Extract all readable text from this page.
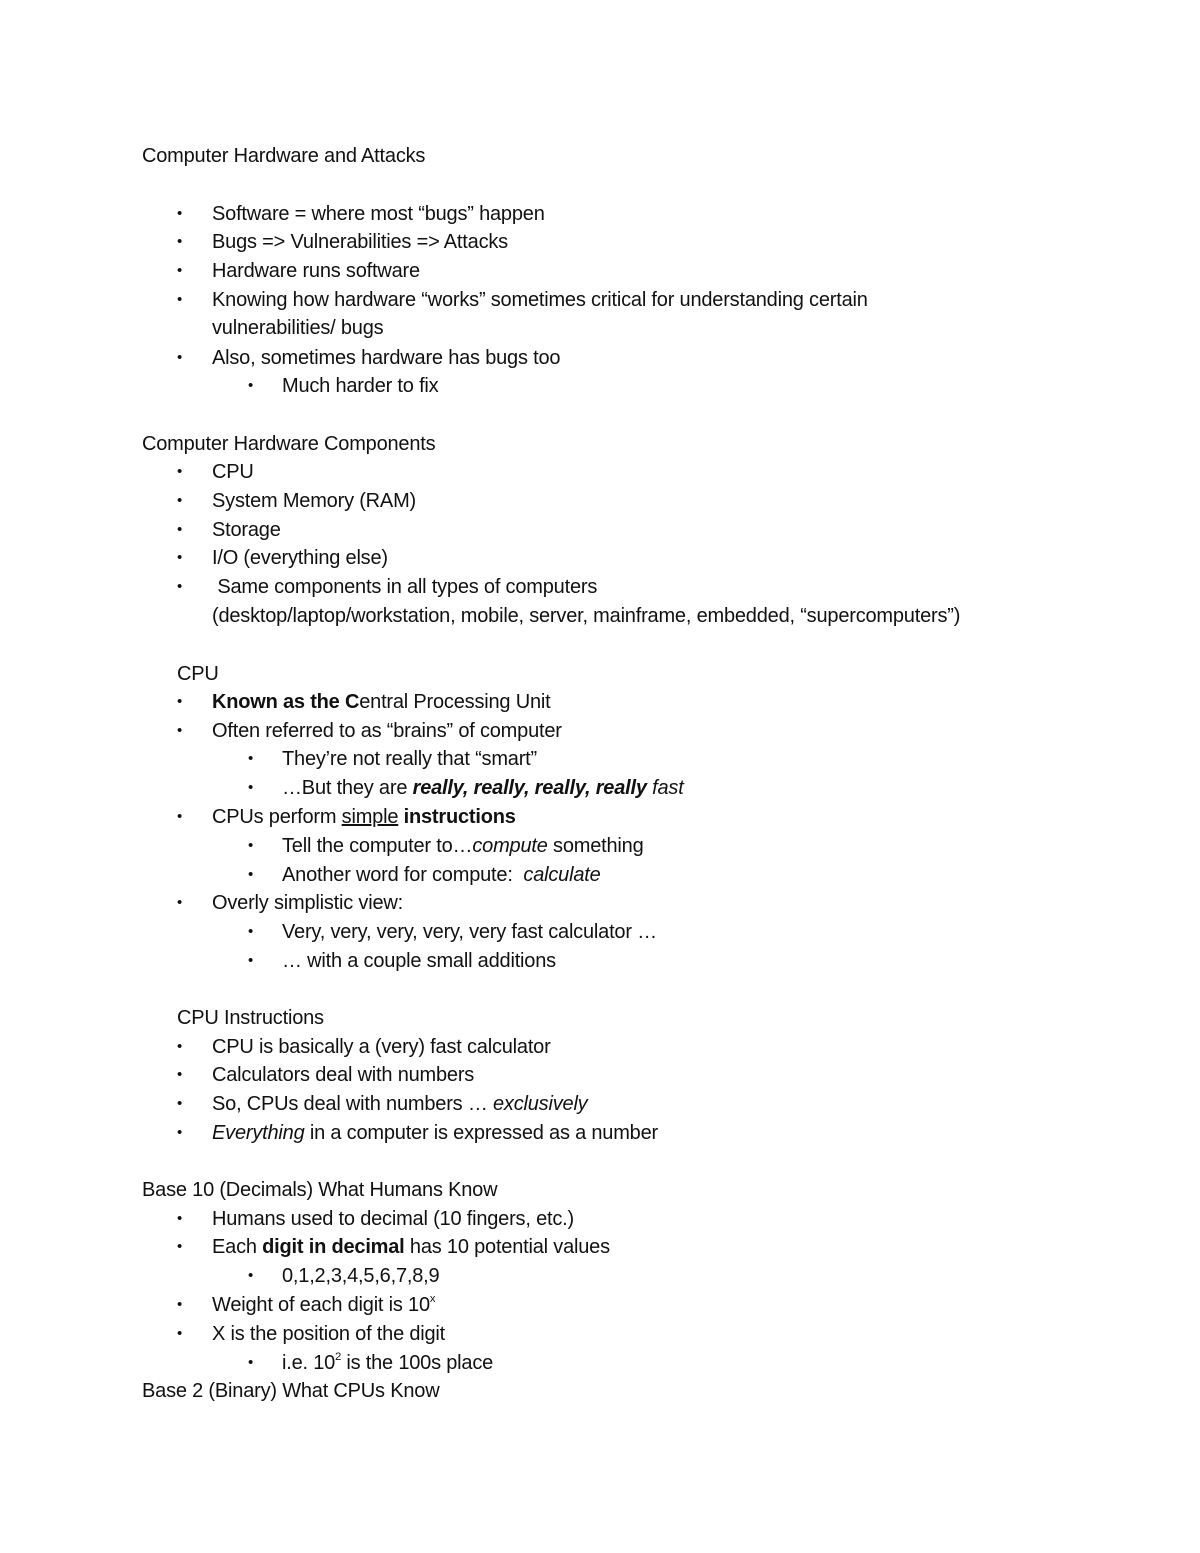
Computer Hardware and Attacks
• Software = where most “bugs” happen
• Bugs => Vulnerabilities => Attacks
• Hardware runs software
• Knowing how hardware “works” sometimes critical for understanding certain
vulnerabilities/ bugs
• Also, sometimes hardware has bugs too
• Much harder to fix
Computer Hardware Components
• CPU
• System Memory (RAM)
• Storage
• I/O (everything else)
• Same components in all types of computers
(desktop/laptop/workstation, mobile, server, mainframe, embedded, “supercomputers”)
CPU
• Known as the Central Processing Unit
• Often referred to as “brains” of computer
• They’re not really that “smart”
• …But they are really, really, really, really fast
• CPUs perform simple instructions
• Tell the computer to…compute something
• Another word for compute:  calculate
• Overly simplistic view:
• Very, very, very, very, very fast calculator …
• … with a couple small additions
CPU Instructions
• CPU is basically a (very) fast calculator
• Calculators deal with numbers
• So, CPUs deal with numbers … exclusively
• Everything in a computer is expressed as a number
Base 10 (Decimals) What Humans Know
• Humans used to decimal (10 fingers, etc.)
• Each digit in decimal has 10 potential values
• 0,1,2,3,4,5,6,7,8,9
• Weight of each digit is 10$^x$
• X is the position of the digit
• i.e. $10^2$ is the 100s place
Base 2 (Binary) What CPUs Know
